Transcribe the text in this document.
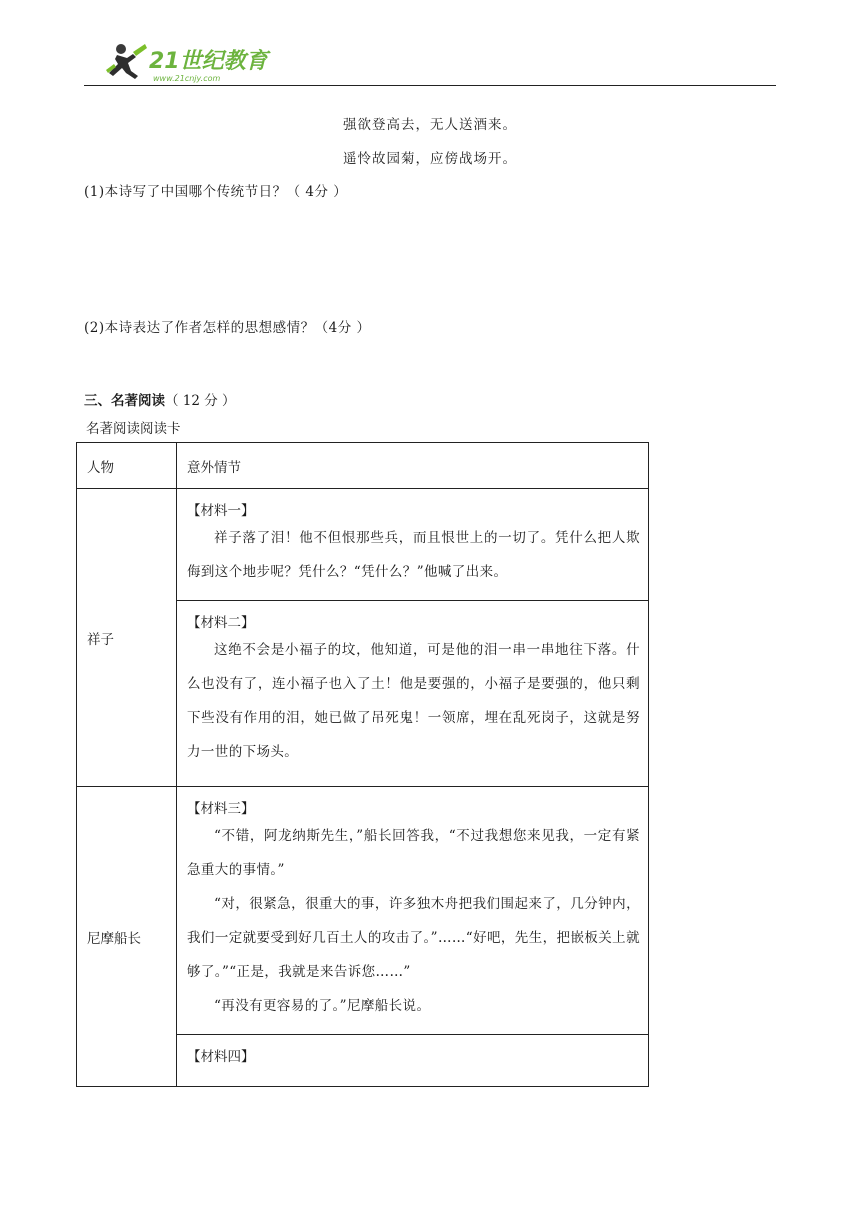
21世纪教育
www.21cnjy.com
强欲登高去，无人送酒来。
遥怜故园菊，应傍战场开。
(1)本诗写了中国哪个传统节日？（ 4分 ）
(2)本诗表达了作者怎样的思想感情？（4分 ）
三、名著阅读（ 12 分 ）
名著阅读阅读卡
人物	意外情节
祥子	【材料一】

祥子落了泪！他不但恨那些兵，而且恨世上的一切了。凭什么把人欺侮到这个地步呢？凭什么？“凭什么？”他喊了出来。

	【材料二】

这绝不会是小福子的坟，他知道，可是他的泪一串一串地往下落。什么也没有了，连小福子也入了土！他是要强的，小福子是要强的，他只剩下些没有作用的泪，她已做了吊死鬼！一领席，埋在乱死岗子，这就是努力一世的下场头。

尼摩船长	【材料三】

“不错，阿龙纳斯先生，”船长回答我，“不过我想您来见我，一定有紧急重大的事情。”

“对，很紧急，很重大的事，许多独木舟把我们围起来了，几分钟内，我们一定就要受到好几百土人的攻击了。”……“好吧，先生，把嵌板关上就够了。”“正是，我就是来告诉您……”

“再没有更容易的了。”尼摩船长说。

	【材料四】
